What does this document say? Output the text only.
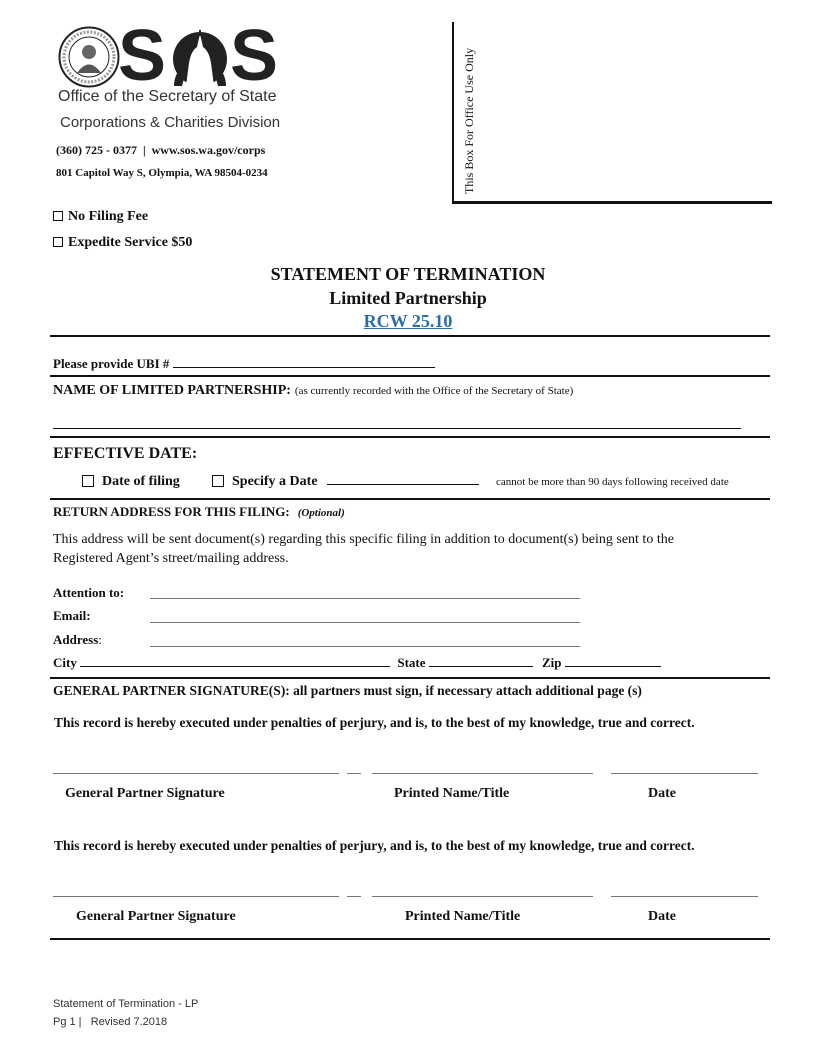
S S
Office of the Secretary of State
Corporations & Charities Division
(360) 725 - 0377  |  www.sos.wa.gov/corps
801 Capitol Way S, Olympia, WA 98504-0234	This Box For Office Use Only
No Filing Fee
Expedite Service $50
STATEMENT OF TERMINATION
Limited Partnership
RCW 25.10
Please provide UBI #
NAME OF LIMITED PARTNERSHIP: (as currently recorded with the Office of the Secretary of State)
EFFECTIVE DATE:
Date of filing	Specify a Date	cannot be more than 90 days following received date
RETURN ADDRESS FOR THIS FILING: (Optional)
This address will be sent document(s) regarding this specific filing in addition to document(s) being sent to the Registered Agent’s street/mailing address.
Attention to:
Email:
Address:
City	State	Zip
GENERAL PARTNER SIGNATURE(S): all partners must sign, if necessary attach additional page (s)
This record is hereby executed under penalties of perjury, and is, to the best of my knowledge, true and correct.
General Partner Signature	Printed Name/Title	Date
This record is hereby executed under penalties of perjury, and is, to the best of my knowledge, true and correct.
General Partner Signature	Printed Name/Title	Date
Statement of Termination - LP
Pg 1 |   Revised 7.2018
